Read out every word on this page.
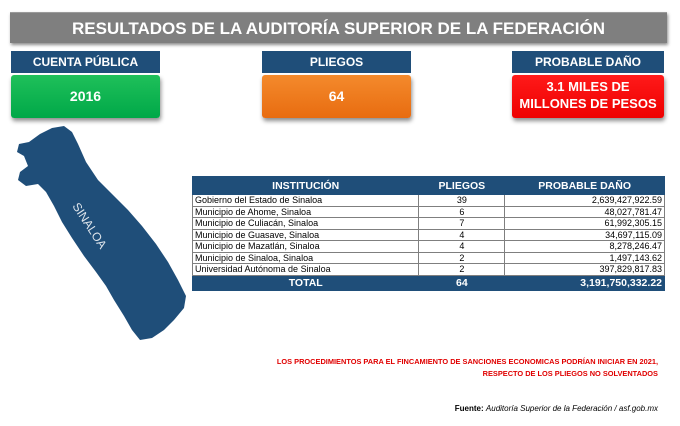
RESULTADOS DE LA AUDITORÍA SUPERIOR DE LA FEDERACIÓN
CUENTA PÚBLICA
2016
PLIEGOS
64
PROBABLE DAÑO
3.1 MILES DE
MILLONES DE PESOS
SINALOA
INSTITUCIÓN	PLIEGOS	PROBABLE DAÑO
Gobierno del Estado de Sinaloa	39	2,639,427,922.59
Municipio de Ahome, Sinaloa	6	48,027,781.47
Municipio de Culiacán, Sinaloa	7	61,992,305.15
Municipio de Guasave, Sinaloa	4	34,697,115.09
Municipio de Mazatlán, Sinaloa	4	8,278,246.47
Municipio de Sinaloa, Sinaloa	2	1,497,143.62
Universidad Autónoma de Sinaloa	2	397,829,817.83
TOTAL	64	3,191,750,332.22
LOS PROCEDIMIENTOS PARA EL FINCAMIENTO DE SANCIONES ECONOMICAS PODRÍAN INICIAR EN 2021,
RESPECTO DE LOS PLIEGOS NO SOLVENTADOS
Fuente: Auditoría Superior de la Federación / asf.gob.mx
